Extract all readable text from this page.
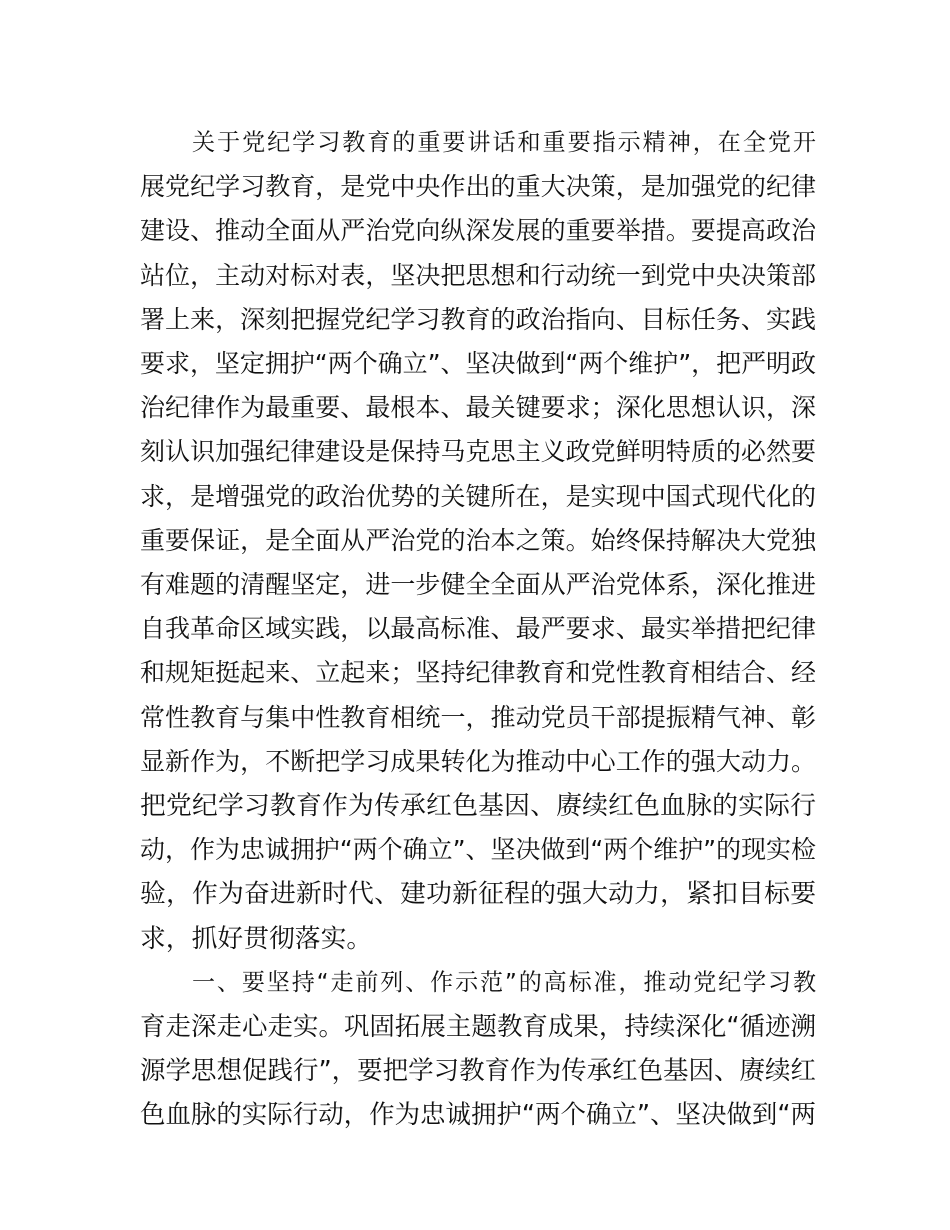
关于党纪学习教育的重要讲话和重要指示精神，在全党开
展党纪学习教育，是党中央作出的重大决策，是加强党的纪律
建设、推动全面从严治党向纵深发展的重要举措。要提高政治
站位，主动对标对表，坚决把思想和行动统一到党中央决策部
署上来，深刻把握党纪学习教育的政治指向、目标任务、实践
要求，坚定拥护“两个确立”、坚决做到“两个维护”，把严明政
治纪律作为最重要、最根本、最关键要求；深化思想认识，深
刻认识加强纪律建设是保持马克思主义政党鲜明特质的必然要
求，是增强党的政治优势的关键所在，是实现中国式现代化的
重要保证，是全面从严治党的治本之策。始终保持解决大党独
有难题的清醒坚定，进一步健全全面从严治党体系，深化推进
自我革命区域实践，以最高标准、最严要求、最实举措把纪律
和规矩挺起来、立起来；坚持纪律教育和党性教育相结合、经
常性教育与集中性教育相统一，推动党员干部提振精气神、彰
显新作为，不断把学习成果转化为推动中心工作的强大动力。
把党纪学习教育作为传承红色基因、赓续红色血脉的实际行
动，作为忠诚拥护“两个确立”、坚决做到“两个维护”的现实检
验，作为奋进新时代、建功新征程的强大动力，紧扣目标要
求，抓好贯彻落实。
一、要坚持“走前列、作示范”的高标准，推动党纪学习教
育走深走心走实。巩固拓展主题教育成果，持续深化“循迹溯
源学思想促践行”，要把学习教育作为传承红色基因、赓续红
色血脉的实际行动，作为忠诚拥护“两个确立”、坚决做到“两
